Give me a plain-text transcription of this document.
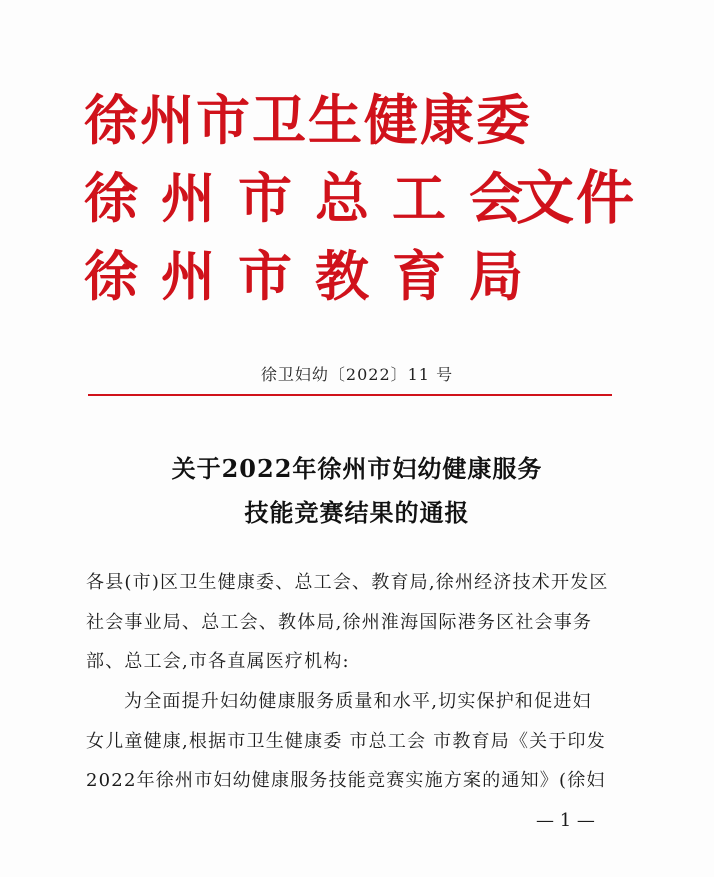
徐州市卫生健康委
徐州市总工会
徐州市教育局
文件
徐卫妇幼〔2022〕11 号
关于2022年徐州市妇幼健康服务
技能竞赛结果的通报
各县(市)区卫生健康委、总工会、教育局,徐州经济技术开发区
社会事业局、总工会、教体局,徐州淮海国际港务区社会事务
部、总工会,市各直属医疗机构:
为全面提升妇幼健康服务质量和水平,切实保护和促进妇
女儿童健康,根据市卫生健康委 市总工会 市教育局《关于印发
2022年徐州市妇幼健康服务技能竞赛实施方案的通知》(徐妇
— 1 —
